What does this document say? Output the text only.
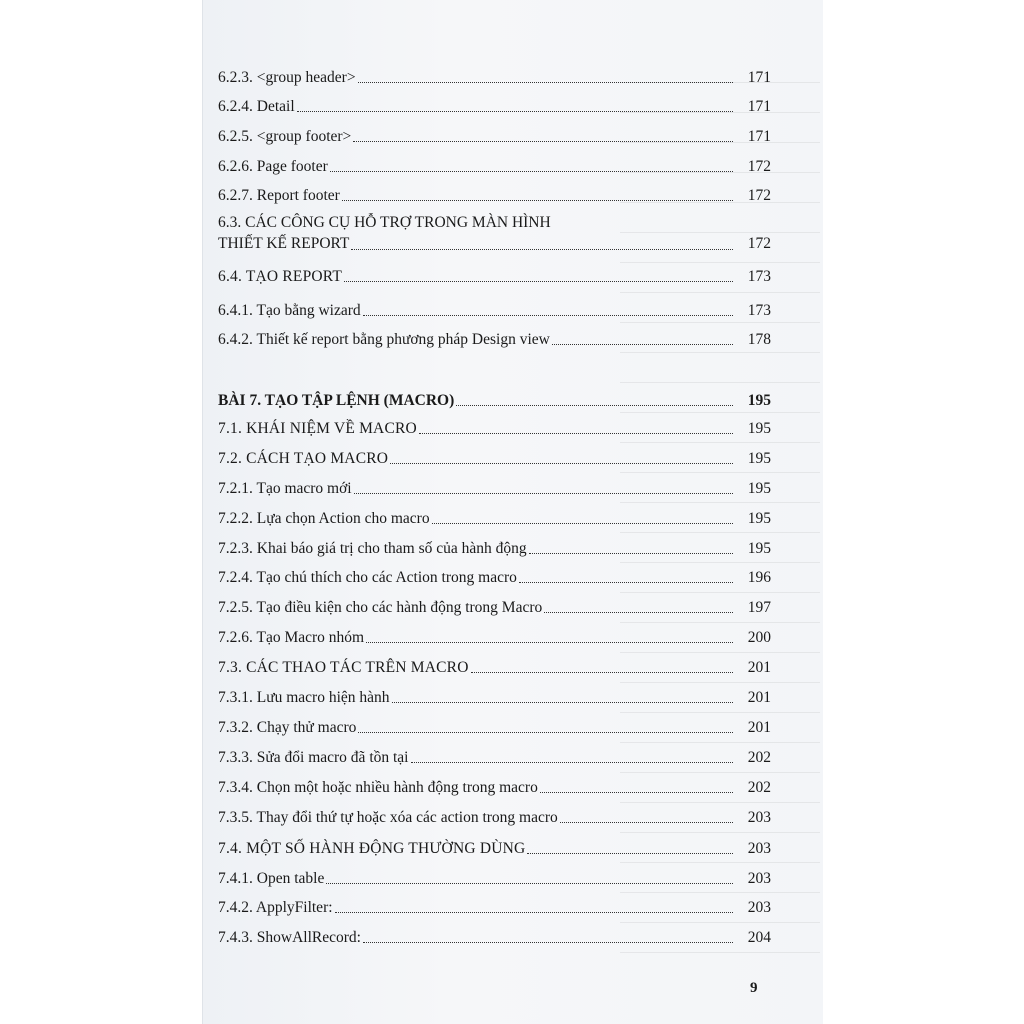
6.2.3. <group header>	171
6.2.4. Detail	171
6.2.5. <group footer>	171
6.2.6. Page footer	172
6.2.7. Report footer	172
6.3. CÁC CÔNG CỤ HỖ TRỢ TRONG MÀN HÌNH
THIẾT KẾ REPORT	172
6.4. TẠO REPORT	173
6.4.1. Tạo bằng wizard	173
6.4.2. Thiết kế report bằng phương pháp Design view	178
BÀI 7. TẠO TẬP LỆNH (MACRO)	195
7.1. KHÁI NIỆM VỀ MACRO	195
7.2. CÁCH TẠO MACRO	195
7.2.1. Tạo macro mới	195
7.2.2. Lựa chọn Action cho macro	195
7.2.3. Khai báo giá trị cho tham số của hành động	195
7.2.4. Tạo chú thích cho các Action trong macro	196
7.2.5. Tạo điều kiện cho các hành động trong Macro	197
7.2.6. Tạo Macro nhóm	200
7.3. CÁC THAO TÁC TRÊN MACRO	201
7.3.1. Lưu macro hiện hành	201
7.3.2. Chạy thử macro	201
7.3.3. Sửa đổi macro đã tồn tại	202
7.3.4. Chọn một hoặc nhiều hành động trong macro	202
7.3.5. Thay đổi thứ tự hoặc xóa các action trong macro	203
7.4. MỘT SỐ HÀNH ĐỘNG THƯỜNG DÙNG	203
7.4.1. Open table	203
7.4.2. ApplyFilter:	203
7.4.3. ShowAllRecord:	204
9
